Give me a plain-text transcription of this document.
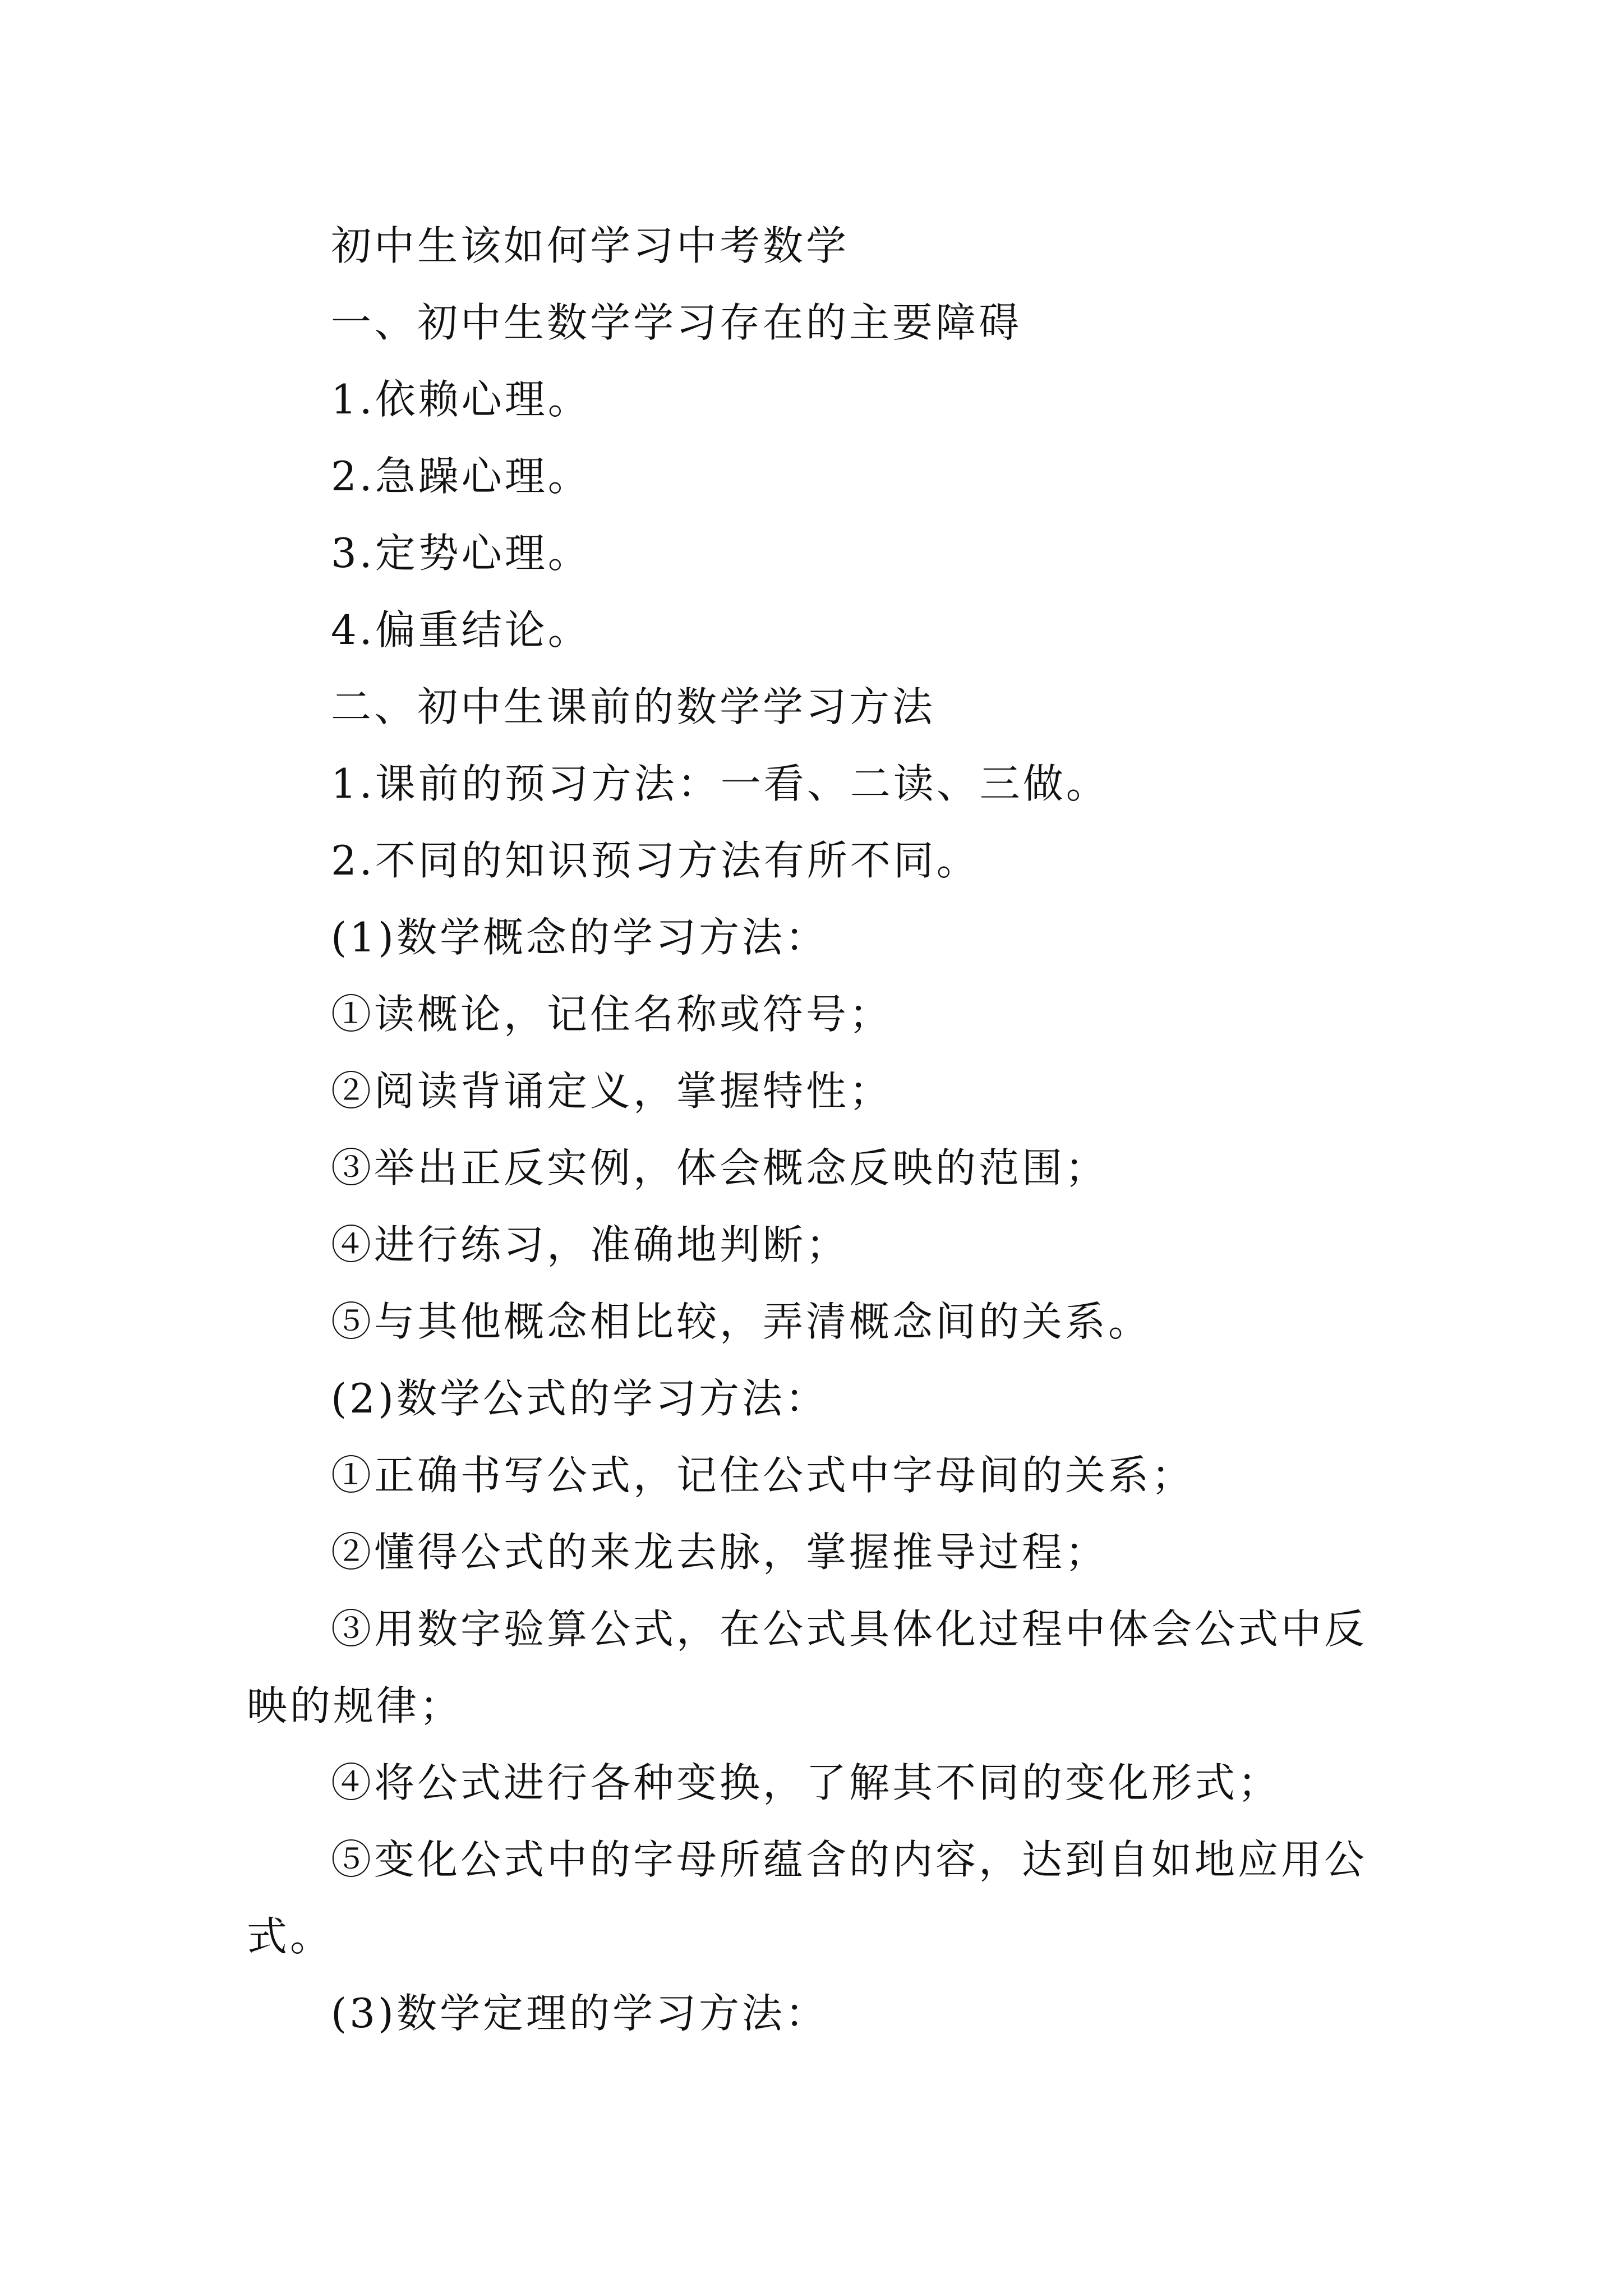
初中生该如何学习中考数学

一、初中生数学学习存在的主要障碍

1.依赖心理。

2.急躁心理。

3.定势心理。

4.偏重结论。

二、初中生课前的数学学习方法

1.课前的预习方法：一看、二读、三做。

2.不同的知识预习方法有所不同。

(1)数学概念的学习方法：

①读概论，记住名称或符号；

②阅读背诵定义，掌握特性；

③举出正反实例，体会概念反映的范围；

④进行练习，准确地判断；

⑤与其他概念相比较，弄清概念间的关系。

(2)数学公式的学习方法：

①正确书写公式，记住公式中字母间的关系；

②懂得公式的来龙去脉，掌握推导过程；

③用数字验算公式，在公式具体化过程中体会公式中反映的规律；

④将公式进行各种变换，了解其不同的变化形式；

⑤变化公式中的字母所蕴含的内容，达到自如地应用公式。

(3)数学定理的学习方法：
